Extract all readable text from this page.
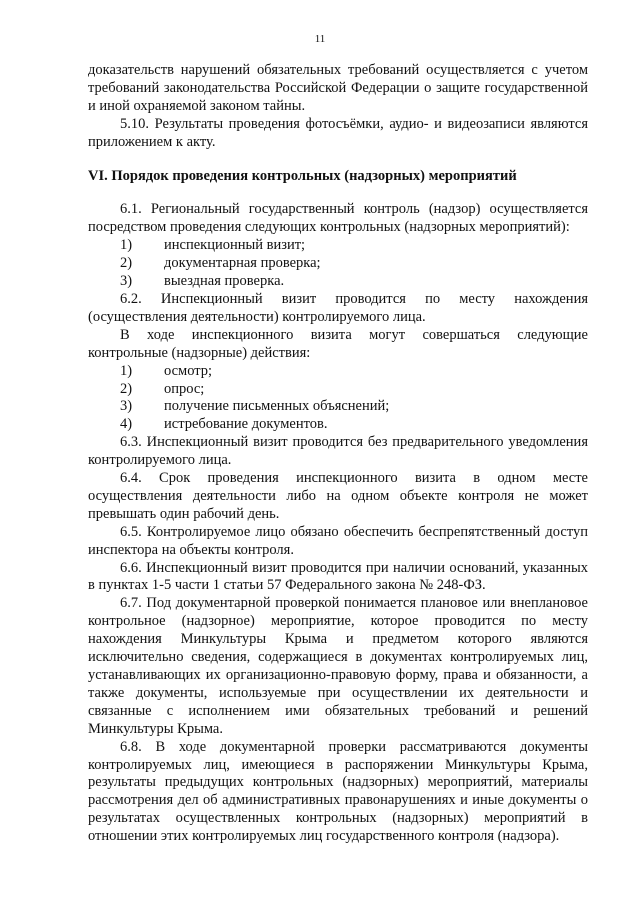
11

доказательств нарушений обязательных требований осуществляется с учетом требований законодательства Российской Федерации о защите государственной и иной охраняемой законом тайны.

5.10. Результаты проведения фотосъёмки, аудио- и видеозаписи являются приложением к акту.

VI. Порядок проведения контрольных (надзорных) мероприятий

6.1. Региональный государственный контроль (надзор) осуществляется посредством проведения следующих контрольных (надзорных мероприятий):

1) инспекционный визит;

2) документарная проверка;

3) выездная проверка.

6.2. Инспекционный визит проводится по месту нахождения (осуществления деятельности) контролируемого лица.

В ходе инспекционного визита могут совершаться следующие контрольные (надзорные) действия:

1) осмотр;

2) опрос;

3) получение письменных объяснений;

4) истребование документов.

6.3. Инспекционный визит проводится без предварительного уведомления контролируемого лица.

6.4. Срок проведения инспекционного визита в одном месте осуществления деятельности либо на одном объекте контроля не может превышать один рабочий день.

6.5. Контролируемое лицо обязано обеспечить беспрепятственный доступ инспектора на объекты контроля.

6.6. Инспекционный визит проводится при наличии оснований, указанных в пунктах 1-5 части 1 статьи 57 Федерального закона № 248-ФЗ.

6.7. Под документарной проверкой понимается плановое или внеплановое контрольное (надзорное) мероприятие, которое проводится по месту нахождения Минкультуры Крыма и предметом которого являются исключительно сведения, содержащиеся в документах контролируемых лиц, устанавливающих их организационно-правовую форму, права и обязанности, а также документы, используемые при осуществлении их деятельности и связанные с исполнением ими обязательных требований и решений Минкультуры Крыма.

6.8. В ходе документарной проверки рассматриваются документы контролируемых лиц, имеющиеся в распоряжении Минкультуры Крыма, результаты предыдущих контрольных (надзорных) мероприятий, материалы рассмотрения дел об административных правонарушениях и иные документы о результатах осуществленных контрольных (надзорных) мероприятий в отношении этих контролируемых лиц государственного контроля (надзора).
